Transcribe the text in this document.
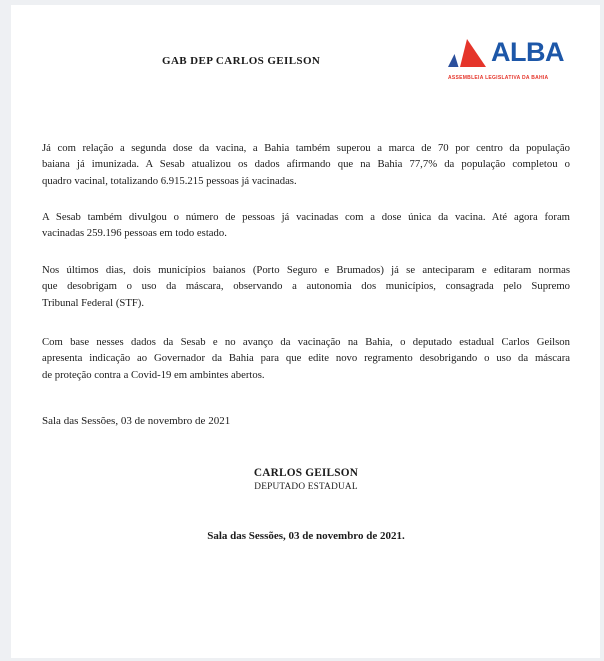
GAB DEP CARLOS GEILSON	ALBA
ASSEMBLEIA LEGISLATIVA DA BAHIA
Já com relação a segunda dose da vacina, a Bahia também superou a marca de 70 por centro da população
baiana já imunizada. A Sesab atualizou os dados afirmando que na Bahia 77,7% da população completou o
quadro vacinal, totalizando 6.915.215 pessoas já vacinadas.
A Sesab também divulgou o número de pessoas já vacinadas com a dose única da vacina. Até agora foram
vacinadas 259.196 pessoas em todo estado.
Nos últimos dias, dois municípios baianos (Porto Seguro e Brumados) já se anteciparam e editaram normas
que desobrigam o uso da máscara, observando a autonomia dos municípios, consagrada pelo Supremo
Tribunal Federal (STF).
Com base nesses dados da Sesab e no avanço da vacinação na Bahia, o deputado estadual Carlos Geilson
apresenta indicação ao Governador da Bahia para que edite novo regramento desobrigando o uso da máscara
de proteção contra a Covid-19 em ambintes abertos.
Sala das Sessões, 03 de novembro de 2021
CARLOS GEILSON
DEPUTADO ESTADUAL
Sala das Sessões, 03 de novembro de 2021.
